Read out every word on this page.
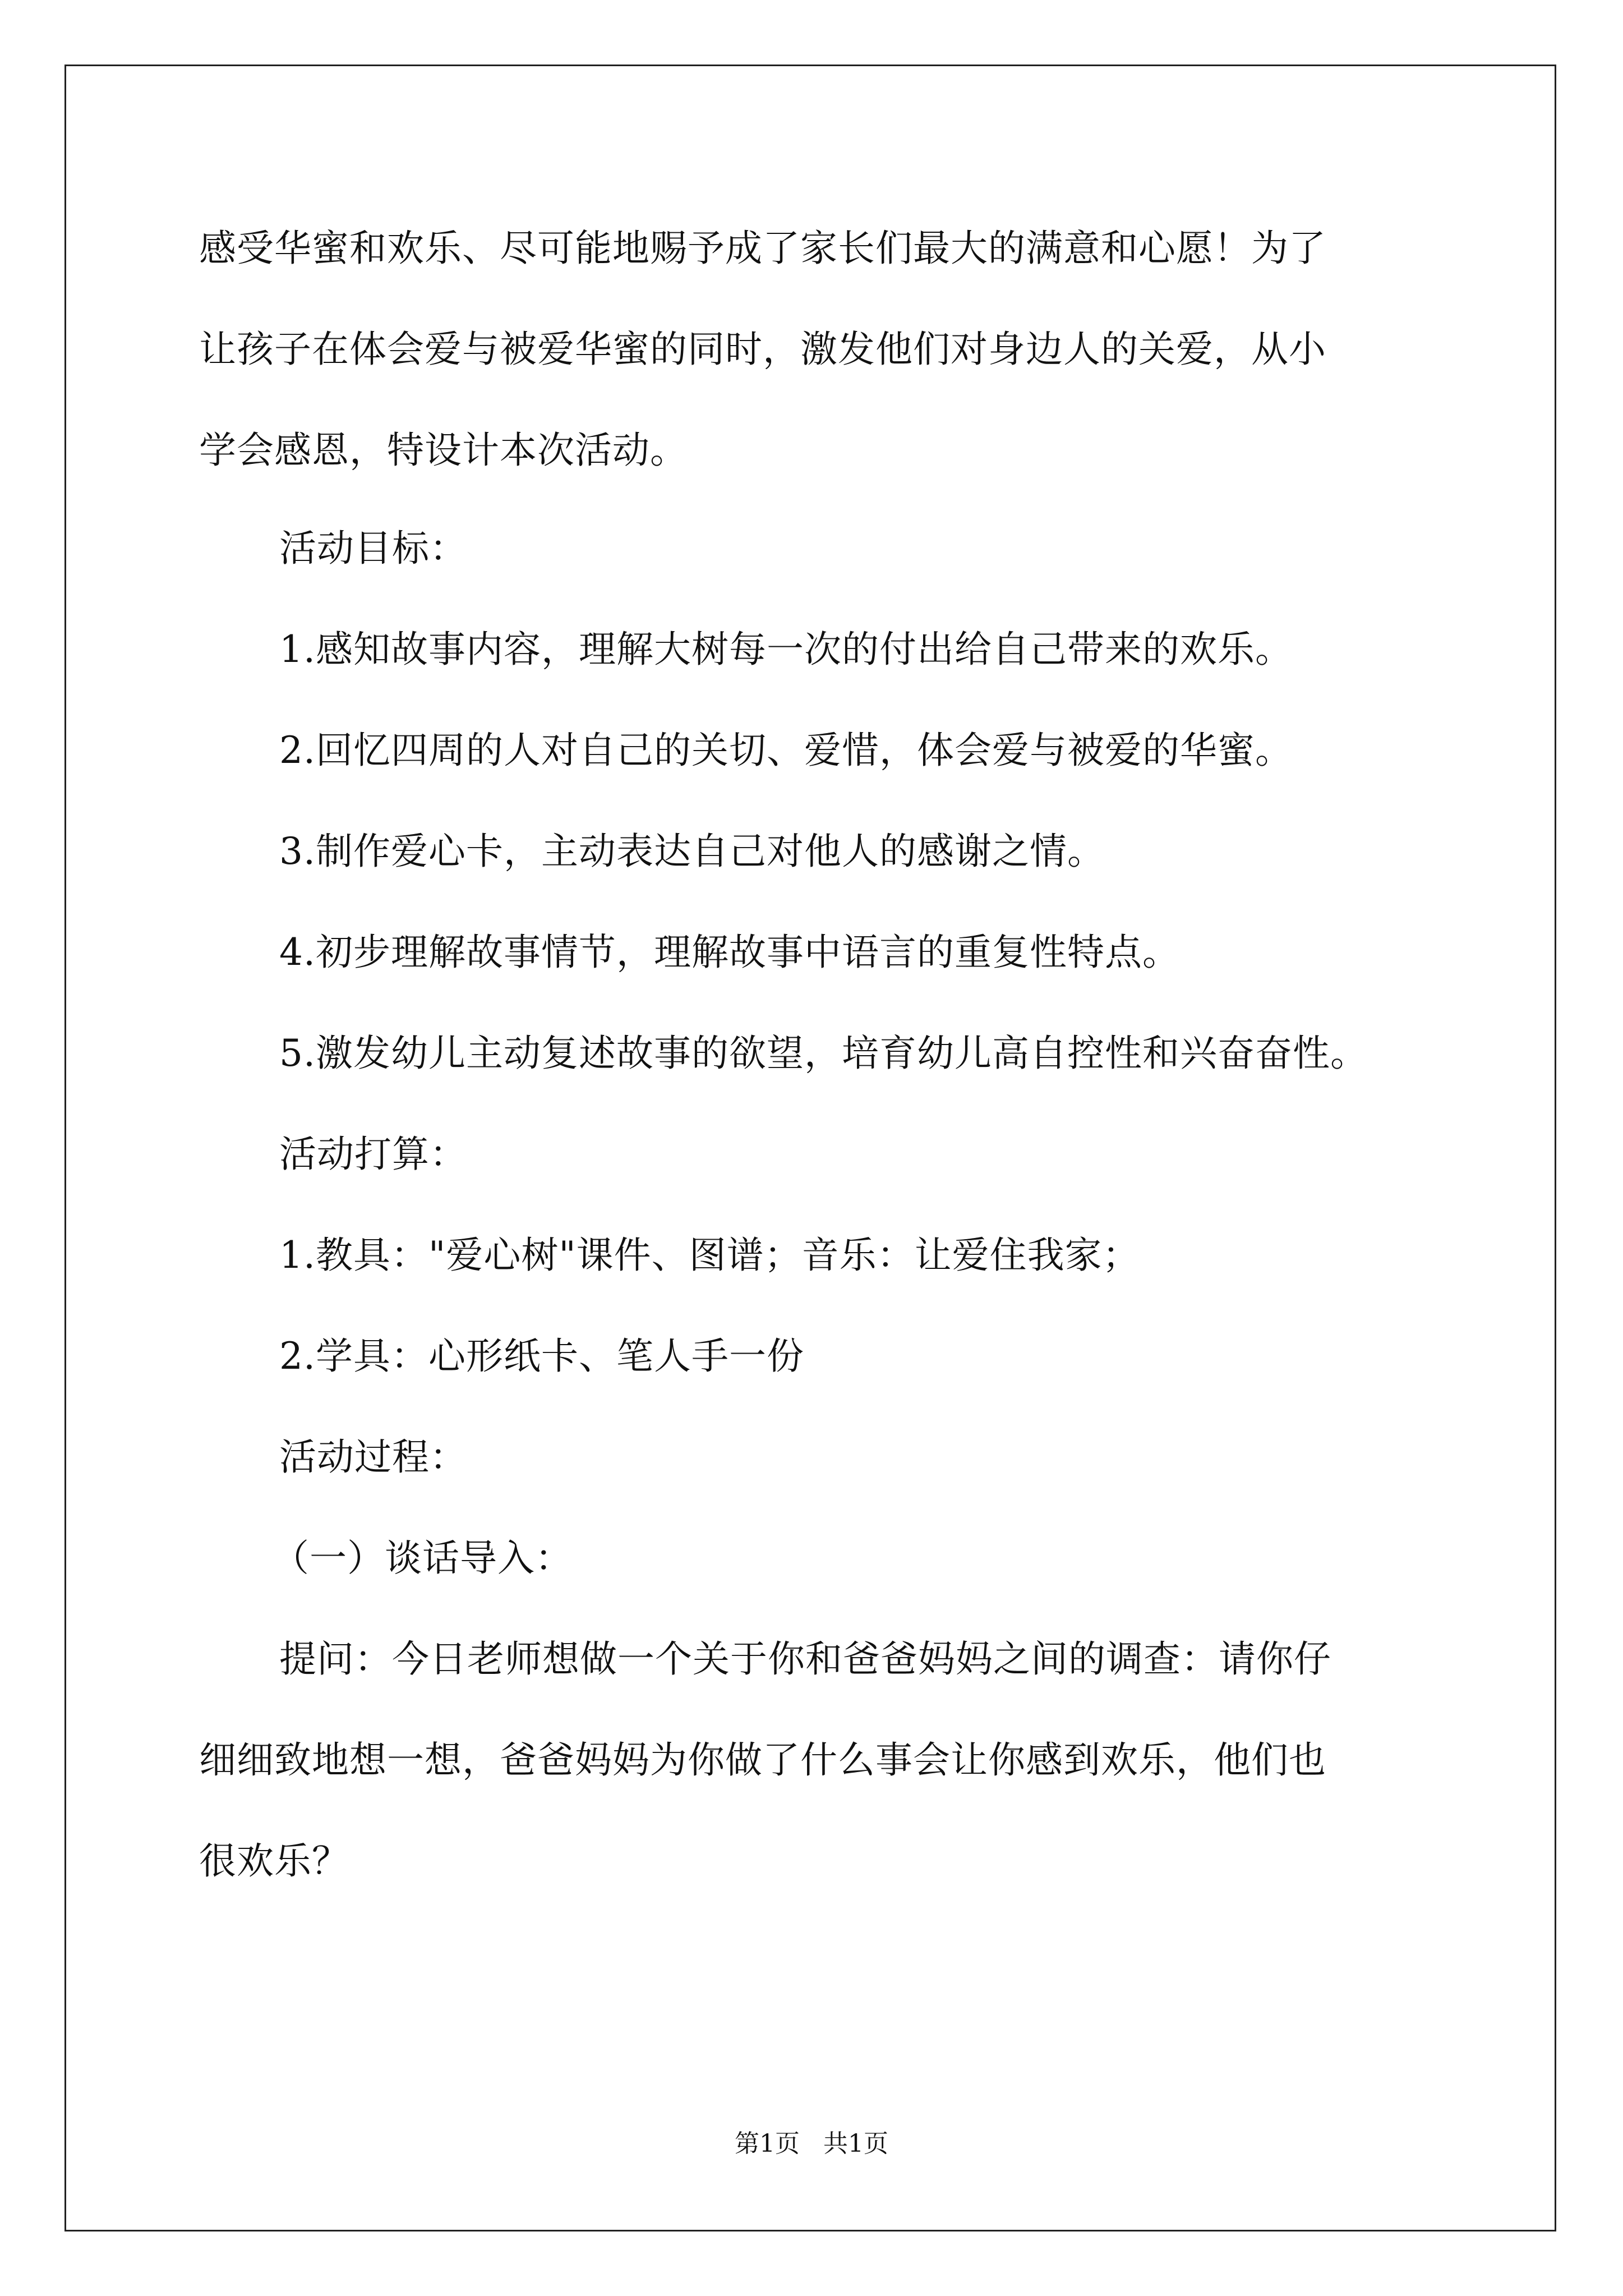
感受华蜜和欢乐、尽可能地赐予成了家长们最大的满意和心愿！为了
让孩子在体会爱与被爱华蜜的同时，激发他们对身边人的关爱，从小
学会感恩，特设计本次活动。
活动目标：
1.感知故事内容，理解大树每一次的付出给自己带来的欢乐。
2.回忆四周的人对自己的关切、爱惜，体会爱与被爱的华蜜。
3.制作爱心卡，主动表达自己对他人的感谢之情。
4.初步理解故事情节，理解故事中语言的重复性特点。
5.激发幼儿主动复述故事的欲望，培育幼儿高自控性和兴奋奋性。
活动打算：
1.教具："爱心树"课件、图谱；音乐：让爱住我家；
2.学具：心形纸卡、笔人手一份
活动过程：
（一）谈话导入：
提问：今日老师想做一个关于你和爸爸妈妈之间的调查：请你仔
细细致地想一想，爸爸妈妈为你做了什么事会让你感到欢乐，他们也
很欢乐？
第1页   共1页
